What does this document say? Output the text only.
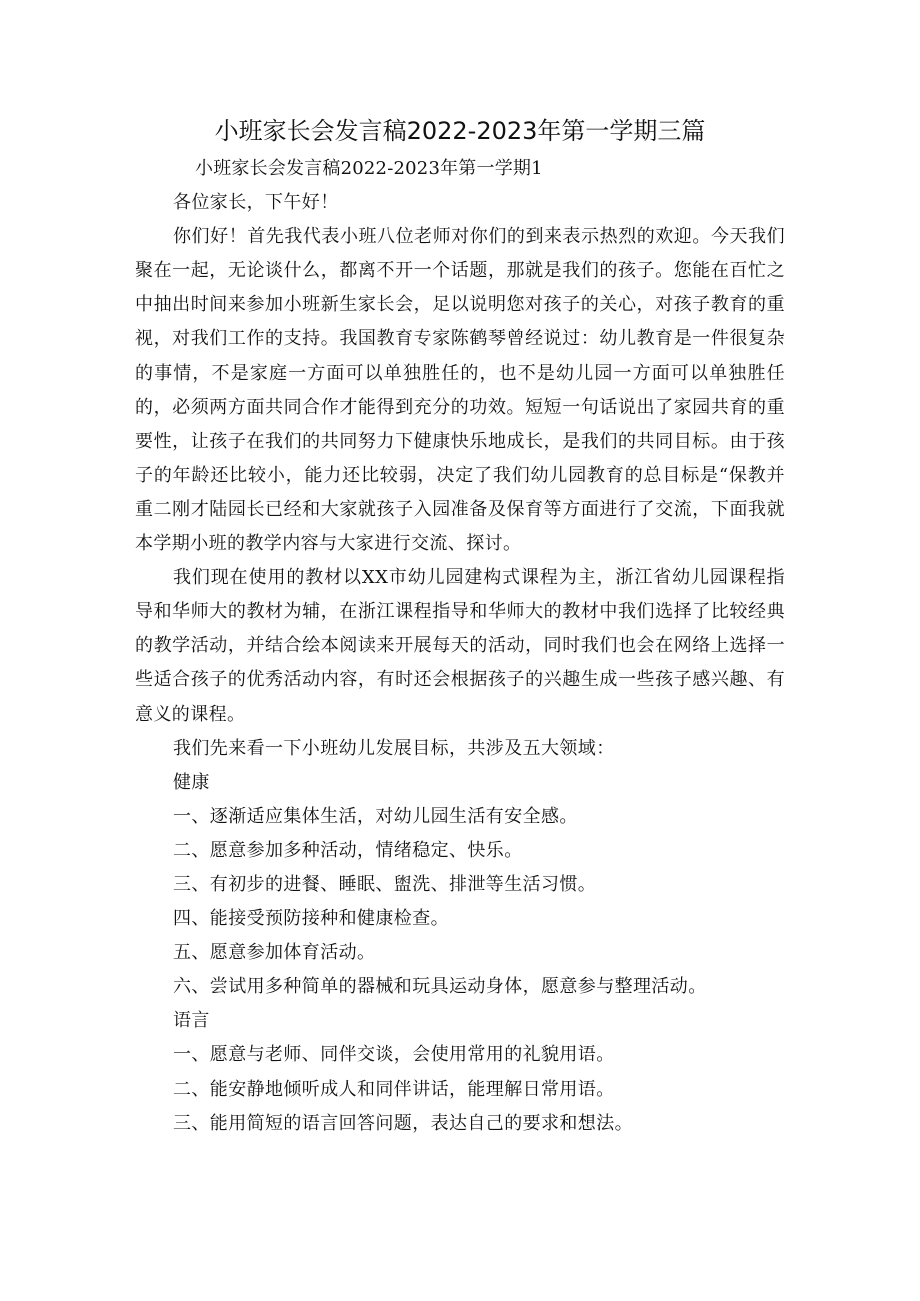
小班家长会发言稿2022-2023年第一学期三篇

小班家长会发言稿2022-2023年第一学期1

各位家长，下午好！

你们好！首先我代表小班八位老师对你们的到来表示热烈的欢迎。今天我们聚在一起，无论谈什么，都离不开一个话题，那就是我们的孩子。您能在百忙之中抽出时间来参加小班新生家长会，足以说明您对孩子的关心，对孩子教育的重视，对我们工作的支持。我国教育专家陈鹤琴曾经说过：幼儿教育是一件很复杂的事情，不是家庭一方面可以单独胜任的，也不是幼儿园一方面可以单独胜任的，必须两方面共同合作才能得到充分的功效。短短一句话说出了家园共育的重要性，让孩子在我们的共同努力下健康快乐地成长，是我们的共同目标。由于孩子的年龄还比较小，能力还比较弱，决定了我们幼儿园教育的总目标是“保教并重二刚才陆园长已经和大家就孩子入园准备及保育等方面进行了交流，下面我就本学期小班的教学内容与大家进行交流、探讨。

我们现在使用的教材以XX市幼儿园建构式课程为主，浙江省幼儿园课程指导和华师大的教材为辅，在浙江课程指导和华师大的教材中我们选择了比较经典的教学活动，并结合绘本阅读来开展每天的活动，同时我们也会在网络上选择一些适合孩子的优秀活动内容，有时还会根据孩子的兴趣生成一些孩子感兴趣、有意义的课程。

我们先来看一下小班幼儿发展目标，共涉及五大领域：

健康

一、逐渐适应集体生活，对幼儿园生活有安全感。

二、愿意参加多种活动，情绪稳定、快乐。

三、有初步的进餐、睡眠、盥洗、排泄等生活习惯。

四、能接受预防接种和健康检查。

五、愿意参加体育活动。

六、尝试用多种简单的器械和玩具运动身体，愿意参与整理活动。

语言

一、愿意与老师、同伴交谈，会使用常用的礼貌用语。

二、能安静地倾听成人和同伴讲话，能理解日常用语。

三、能用简短的语言回答问题，表达自己的要求和想法。
